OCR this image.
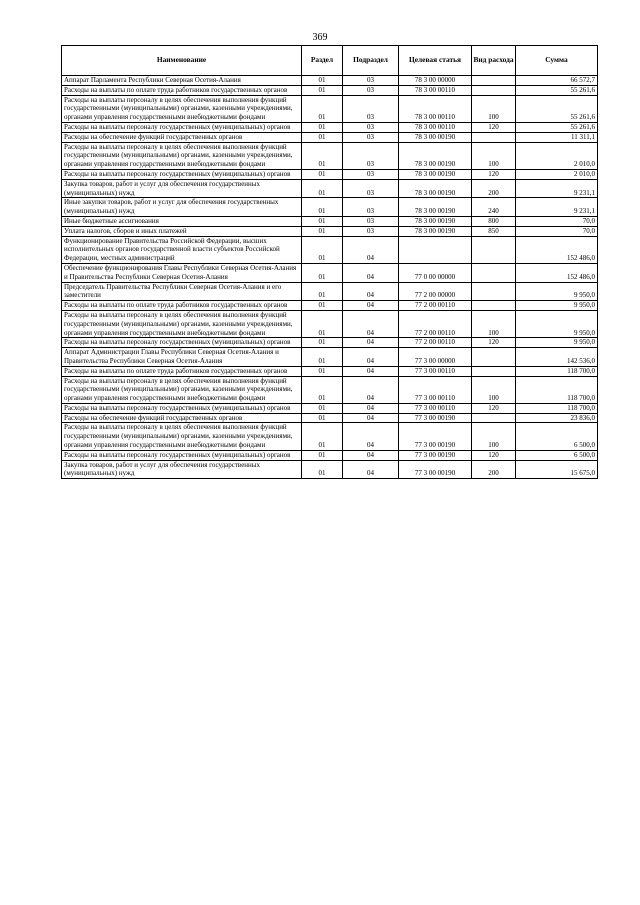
369
Наименование	Раздел	Подраздел	Целевая статья	Вид расхода	Сумма
Аппарат Парламента Республики Северная Осетия-Алания	01	03	78 3 00 00000		66 572,7
Расходы на выплаты по оплате труда работников государственных органов	01	03	78 3 00 00110		55 261,6
Расходы на выплаты персоналу в целях обеспечения выполнения функций государственными (муниципальными) органами, казенными учреждениями, органами управления государственными внебюджетными фондами	01	03	78 3 00 00110	100	55 261,6
Расходы на выплаты персоналу государственных (муниципальных) органов	01	03	78 3 00 00110	120	55 261,6
Расходы на обеспечение функций государственных органов	01	03	78 3 00 00190		11 311,1
Расходы на выплаты персоналу в целях обеспечения выполнения функций государственными (муниципальными) органами, казенными учреждениями, органами управления государственными внебюджетными фондами	01	03	78 3 00 00190	100	2 010,0
Расходы на выплаты персоналу государственных (муниципальных) органов	01	03	78 3 00 00190	120	2 010,0
Закупка товаров, работ и услуг для обеспечения государственных (муниципальных) нужд	01	03	78 3 00 00190	200	9 231,1
Иные закупки товаров, работ и услуг для обеспечения государственных (муниципальных) нужд	01	03	78 3 00 00190	240	9 231,1
Иные бюджетные ассигнования	01	03	78 3 00 00190	800	70,0
Уплата налогов, сборов и иных платежей	01	03	78 3 00 00190	850	70,0
Функционирование Правительства Российской Федерации, высших исполнительных органов государственной власти субъектов Российской Федерации, местных администраций	01	04			152 486,0
Обеспечение функционирования Главы Республики Северная Осетия-Алания и Правительства Республики Северная Осетия-Алания	01	04	77 0 00 00000		152 486,0
Председатель Правительства Республики Северная Осетия-Алания и его заместители	01	04	77 2 00 00000		9 950,0
Расходы на выплаты по оплате труда работников государственных органов	01	04	77 2 00 00110		9 950,0
Расходы на выплаты персоналу в целях обеспечения выполнения функций государственными (муниципальными) органами, казенными учреждениями, органами управления государственными внебюджетными фондами	01	04	77 2 00 00110	100	9 950,0
Расходы на выплаты персоналу государственных (муниципальных) органов	01	04	77 2 00 00110	120	9 950,0
Аппарат Администрации Главы Республики Северная Осетия-Алания и Правительства Республики Северная Осетия-Алания	01	04	77 3 00 00000		142 536,0
Расходы на выплаты по оплате труда работников государственных органов	01	04	77 3 00 00110		118 700,0
Расходы на выплаты персоналу в целях обеспечения выполнения функций государственными (муниципальными) органами, казенными учреждениями, органами управления государственными внебюджетными фондами	01	04	77 3 00 00110	100	118 700,0
Расходы на выплаты персоналу государственных (муниципальных) органов	01	04	77 3 00 00110	120	118 700,0
Расходы на обеспечение функций государственных органов	01	04	77 3 00 00190		23 836,0
Расходы на выплаты персоналу в целях обеспечения выполнения функций государственными (муниципальными) органами, казенными учреждениями, органами управления государственными внебюджетными фондами	01	04	77 3 00 00190	100	6 500,0
Расходы на выплаты персоналу государственных (муниципальных) органов	01	04	77 3 00 00190	120	6 500,0
Закупка товаров, работ и услуг для обеспечения государственных (муниципальных) нужд	01	04	77 3 00 00190	200	15 675,0
